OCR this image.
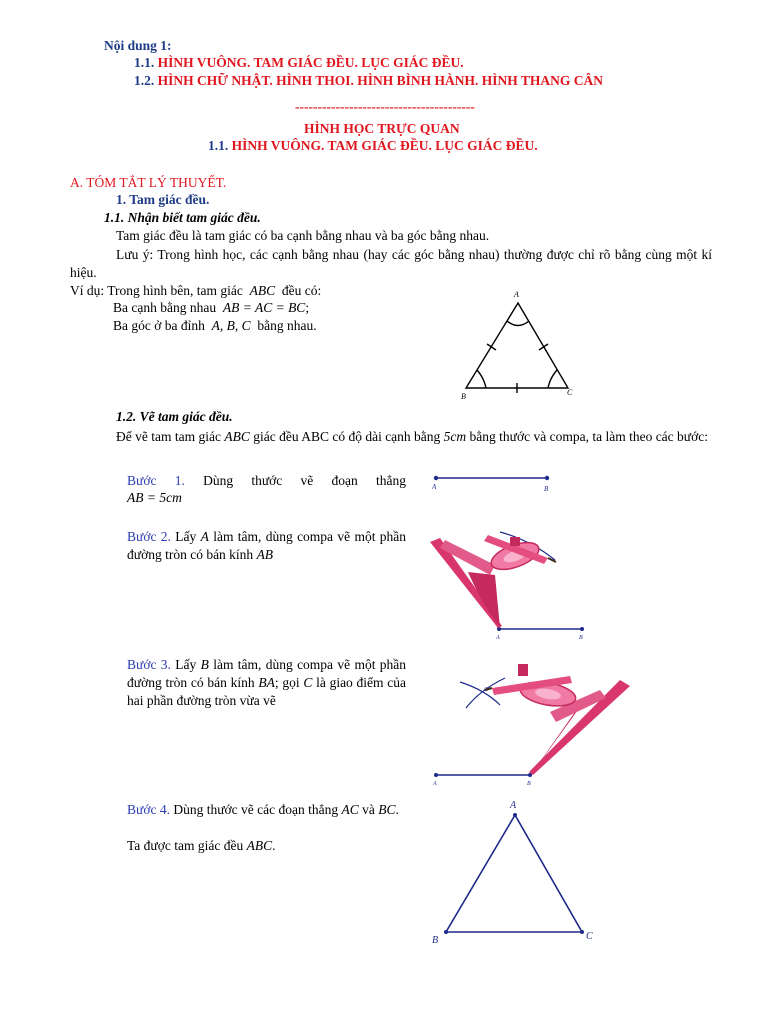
Nội dung 1:
1.1. HÌNH VUÔNG. TAM GIÁC ĐỀU. LỤC GIÁC ĐỀU.
1.2. HÌNH CHỮ NHẬT. HÌNH THOI. HÌNH BÌNH HÀNH. HÌNH THANG CÂN
----------------------------------------
HÌNH HỌC TRỰC QUAN
1.1. HÌNH VUÔNG. TAM GIÁC ĐỀU. LỤC GIÁC ĐỀU.
A. TÓM TẮT LÝ THUYẾT.
1. Tam giác đều.
1.1. Nhận biết tam giác đều.
Tam giác đều là tam giác có ba cạnh bằng nhau và ba góc bằng nhau.
Lưu ý: Trong hình học, các cạnh bằng nhau (hay các góc bằng nhau) thường được chỉ rõ bằng cùng một kí hiệu.
Ví dụ: Trong hình bên, tam giác ABC đều có:
Ba cạnh bằng nhau AB = AC = BC;
Ba góc ở ba đỉnh A, B, C bằng nhau.
A
B	C
1.2. Vẽ tam giác đều.
Để vẽ tam tam giác ABC giác đều ABC có độ dài cạnh bằng 5cm bằng thước và compa, ta làm theo các bước:
Bước 1. Dùng thước vẽ đoạn thẳng
AB = 5cm
A	B
Bước 2. Lấy A làm tâm, dùng compa vẽ một phần đường tròn có bán kính AB
A	B
Bước 3. Lấy B làm tâm, dùng compa vẽ một phần đường tròn có bán kính BA; gọi C là giao điểm của hai phần đường tròn vừa vẽ
A	B
Bước 4. Dùng thước vẽ các đoạn thẳng AC và BC.
Ta được tam giác đều ABC.
A
B	C
